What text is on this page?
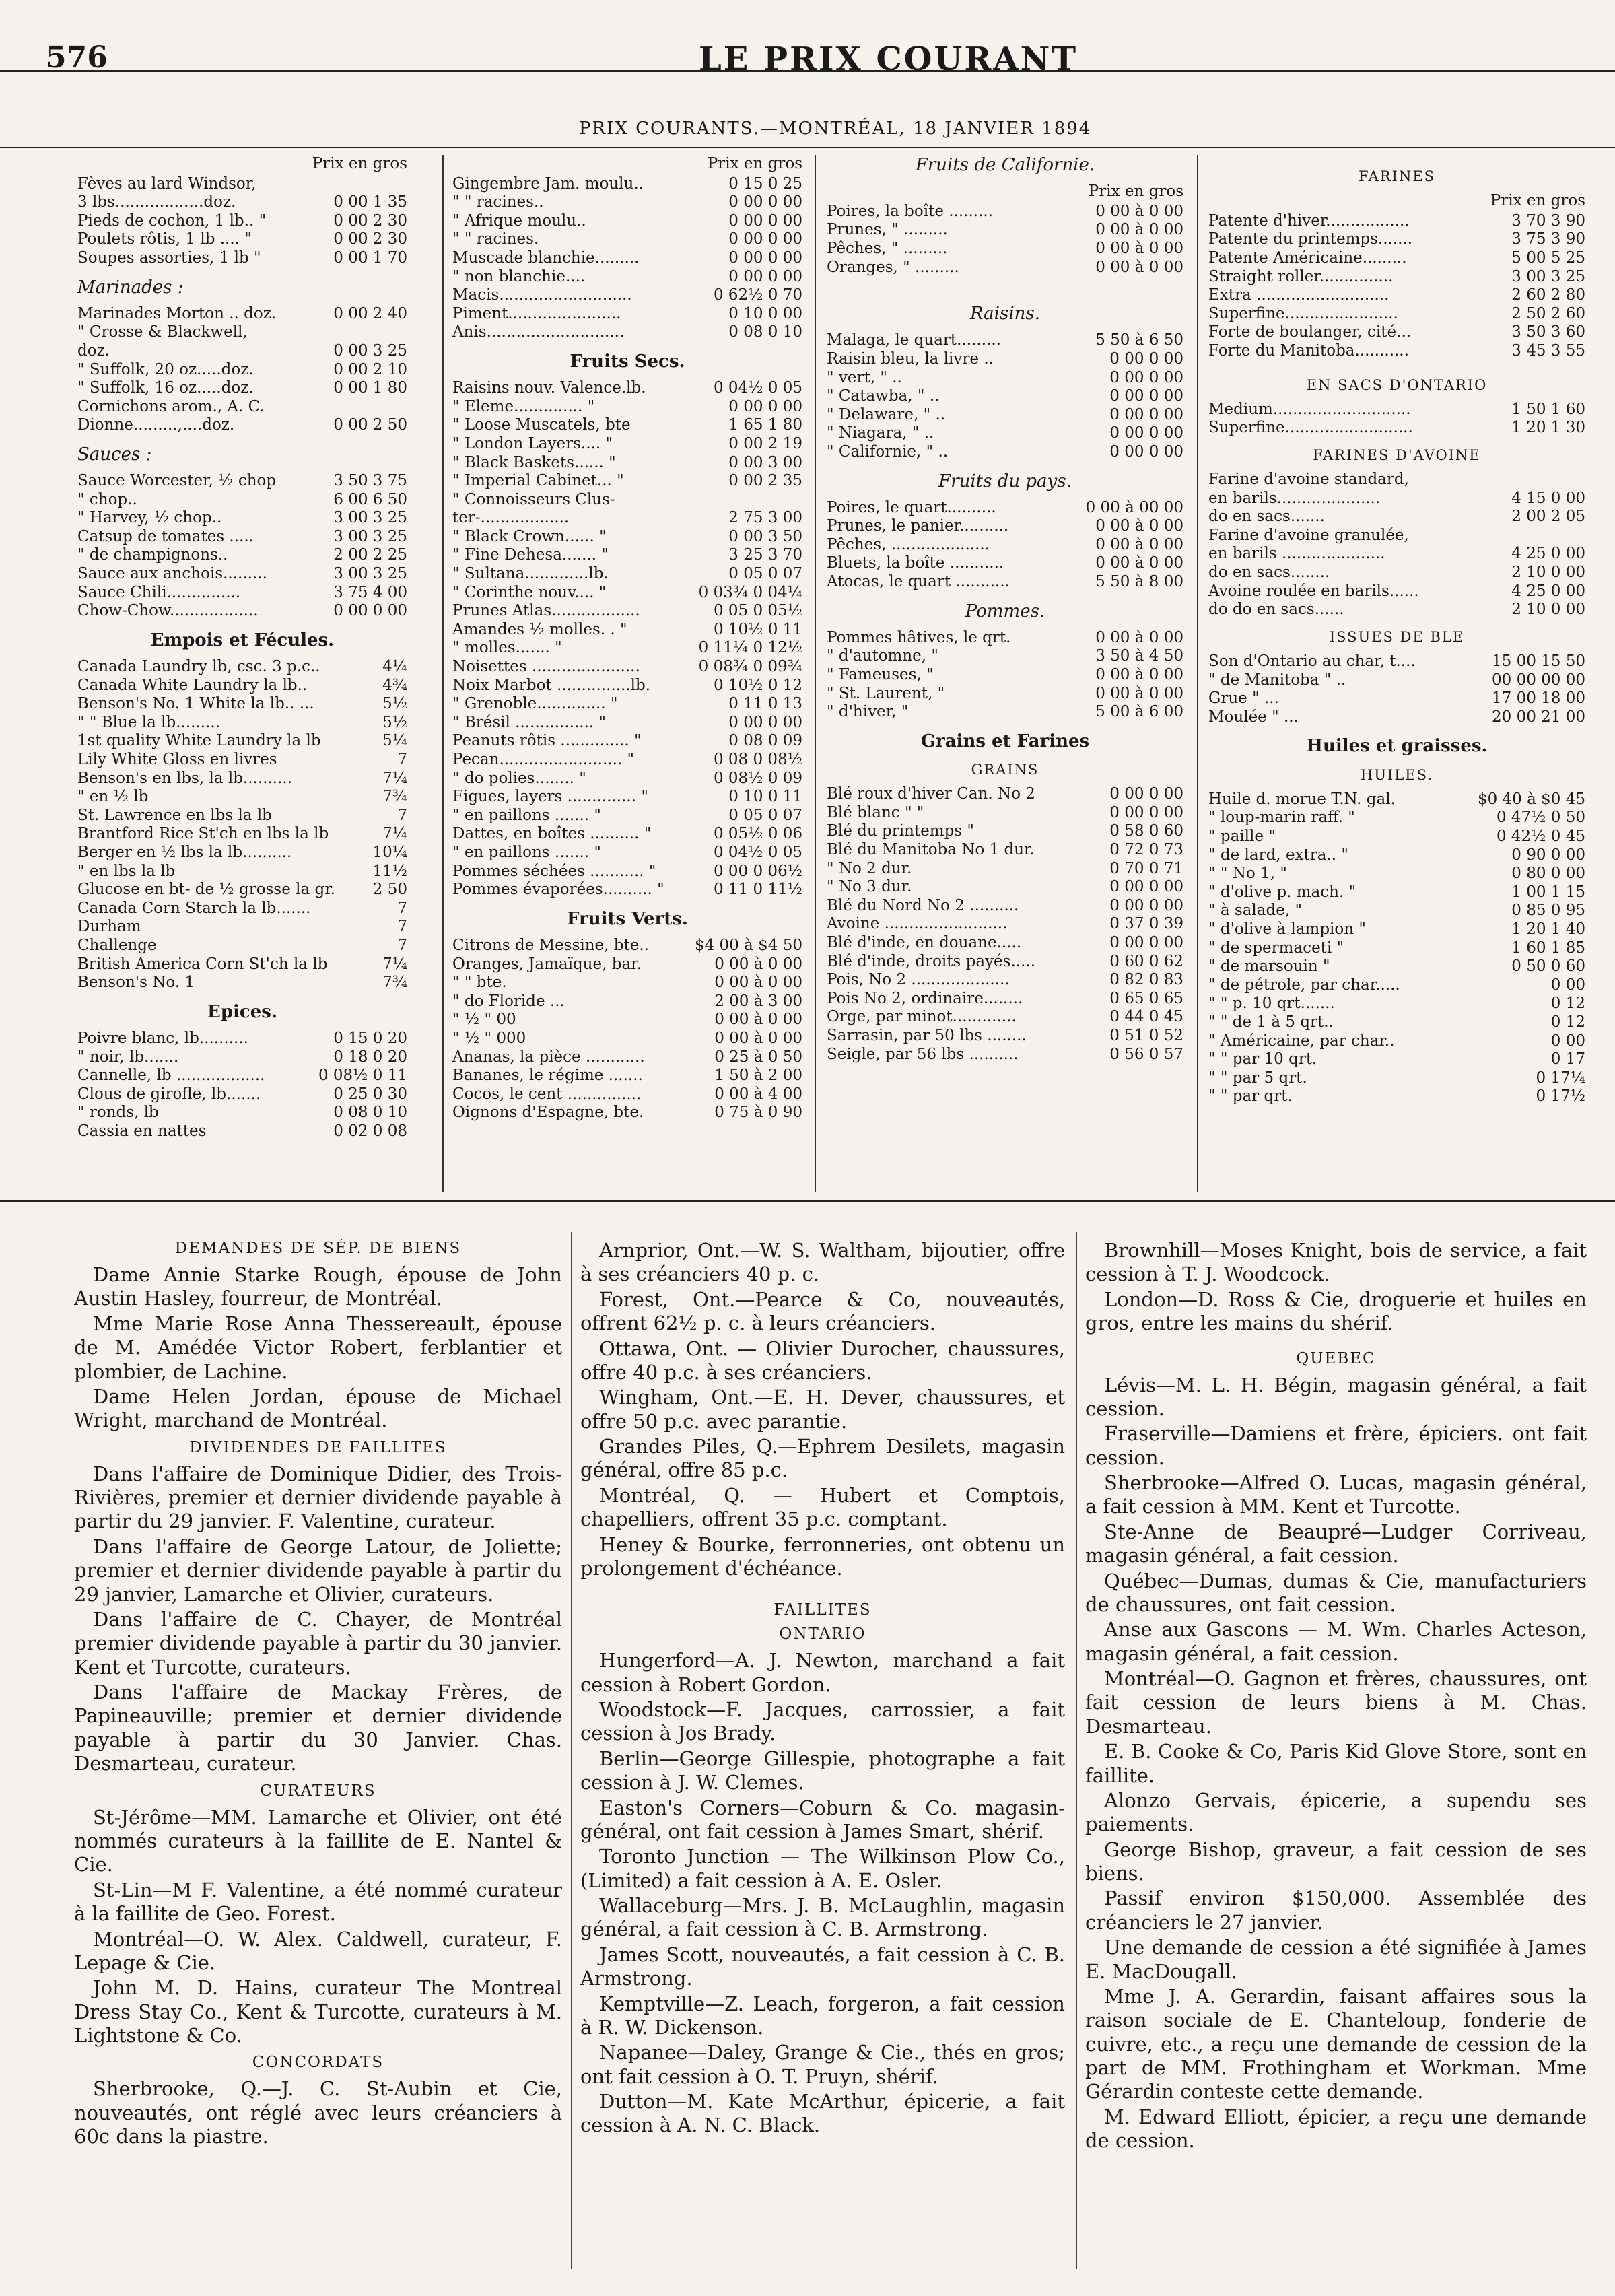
576	LE PRIX COURANT
PRIX COURANTS.—MONTRÉAL, 18 JANVIER 1894
Prix en gros
Fèves au lard Windsor,
3 lbs..................doz.	0 00 1 35
Pieds de cochon, 1 lb.. "	0 00 2 30
Poulets rôtis, 1 lb .... "	0 00 2 30
Soupes assorties, 1 lb "	0 00 1 70
Marinades :
Marinades Morton .. doz.	0 00 2 40
" Crosse & Blackwell,
doz.	0 00 3 25
" Suffolk, 20 oz.....doz.	0 00 2 10
" Suffolk, 16 oz.....doz.	0 00 1 80
Cornichons arom., A. C.
Dionne.........,....doz.	0 00 2 50
Sauces :
Sauce Worcester, ½ chop	3 50 3 75
" chop..	6 00 6 50
" Harvey, ½ chop..	3 00 3 25
Catsup de tomates .....	3 00 3 25
" de champignons..	2 00 2 25
Sauce aux anchois.........	3 00 3 25
Sauce Chili...............	3 75 4 00
Chow-Chow..................	0 00 0 00
Empois et Fécules.
Canada Laundry lb, csc. 3 p.c..	4¼
Canada White Laundry la lb..	4¾
Benson's No. 1 White la lb.. ...	5½
" " Blue la lb.........	5½
1st quality White Laundry la lb	5¼
Lily White Gloss en livres	7
Benson's en lbs, la lb..........	7¼
" en ½ lb	7¾
St. Lawrence en lbs la lb	7
Brantford Rice St'ch en lbs la lb	7¼
Berger en ½ lbs la lb..........	10¼
" en lbs la lb	11½
Glucose en bt- de ½ grosse la gr.	2 50
Canada Corn Starch la lb.......	7
Durham	7
Challenge	7
British America Corn St'ch la lb	7¼
Benson's No. 1	7¾
Epices.
Poivre blanc, lb..........	0 15 0 20
" noir, lb.......	0 18 0 20
Cannelle, lb ..................	0 08½ 0 11
Clous de girofle, lb.......	0 25 0 30
" ronds, lb	0 08 0 10
Cassia en nattes	0 02 0 08
Prix en gros
Gingembre Jam. moulu..	0 15 0 25
" " racines..	0 00 0 00
" Afrique moulu..	0 00 0 00
" " racines.	0 00 0 00
Muscade blanchie.........	0 00 0 00
" non blanchie....	0 00 0 00
Macis...........................	0 62½ 0 70
Piment.......................	0 10 0 00
Anis............................	0 08 0 10
Fruits Secs.
Raisins nouv. Valence.lb.	0 04½ 0 05
" Eleme.............. "	0 00 0 00
" Loose Muscatels, bte	1 65 1 80
" London Layers.... "	0 00 2 19
" Black Baskets...... "	0 00 3 00
" Imperial Cabinet... "	0 00 2 35
" Connoisseurs Clus-
ter-..................	2 75 3 00
" Black Crown...... "	0 00 3 50
" Fine Dehesa....... "	3 25 3 70
" Sultana.............lb.	0 05 0 07
" Corinthe nouv.... "	0 03¾ 0 04¼
Prunes Atlas..................	0 05 0 05½
Amandes ½ molles. . "	0 10½ 0 11
" molles....... "	0 11¼ 0 12½
Noisettes ......................	0 08¾ 0 09¾
Noix Marbot ...............lb.	0 10½ 0 12
" Grenoble.............. "	0 11 0 13
" Brésil ................ "	0 00 0 00
Peanuts rôtis .............. "	0 08 0 09
Pecan......................... "	0 08 0 08½
" do polies........ "	0 08½ 0 09
Figues, layers .............. "	0 10 0 11
" en paillons ....... "	0 05 0 07
Dattes, en boîtes .......... "	0 05½ 0 06
" en paillons ....... "	0 04½ 0 05
Pommes séchées ........... "	0 00 0 06½
Pommes évaporées.......... "	0 11 0 11½
Fruits Verts.
Citrons de Messine, bte..	$4 00 à $4 50
Oranges, Jamaïque, bar.	0 00 à 0 00
" " bte.	0 00 à 0 00
" do Floride ...	2 00 à 3 00
" ½ " 00	0 00 à 0 00
" ½ " 000	0 00 à 0 00
Ananas, la pièce ............	0 25 à 0 50
Bananes, le régime .......	1 50 à 2 00
Cocos, le cent ...............	0 00 à 4 00
Oignons d'Espagne, bte.	0 75 à 0 90
Fruits de Californie.
Prix en gros
Poires, la boîte .........	0 00 à 0 00
Prunes, " .........	0 00 à 0 00
Pêches, " .........	0 00 à 0 00
Oranges, " .........	0 00 à 0 00
Raisins.
Malaga, le quart.........	5 50 à 6 50
Raisin bleu, la livre ..	0 00 0 00
" vert, " ..	0 00 0 00
" Catawba, " ..	0 00 0 00
" Delaware, " ..	0 00 0 00
" Niagara, " ..	0 00 0 00
" Californie, " ..	0 00 0 00
Fruits du pays.
Poires, le quart..........	0 00 à 00 00
Prunes, le panier..........	0 00 à 0 00
Pêches, ....................	0 00 à 0 00
Bluets, la boîte ...........	0 00 à 0 00
Atocas, le quart ...........	5 50 à 8 00
Pommes.
Pommes hâtives, le qrt.	0 00 à 0 00
" d'automne, "	3 50 à 4 50
" Fameuses, "	0 00 à 0 00
" St. Laurent, "	0 00 à 0 00
" d'hiver, "	5 00 à 6 00
Grains et Farines
GRAINS
Blé roux d'hiver Can. No 2	0 00 0 00
Blé blanc " "	0 00 0 00
Blé du printemps "	0 58 0 60
Blé du Manitoba No 1 dur.	0 72 0 73
" No 2 dur.	0 70 0 71
" No 3 dur.	0 00 0 00
Blé du Nord No 2 ..........	0 00 0 00
Avoine .........................	0 37 0 39
Blé d'inde, en douane.....	0 00 0 00
Blé d'inde, droits payés.....	0 60 0 62
Pois, No 2 ....................	0 82 0 83
Pois No 2, ordinaire........	0 65 0 65
Orge, par minot.............	0 44 0 45
Sarrasin, par 50 lbs ........	0 51 0 52
Seigle, par 56 lbs ..........	0 56 0 57
FARINES
Prix en gros
Patente d'hiver.................	3 70 3 90
Patente du printemps.......	3 75 3 90
Patente Américaine.........	5 00 5 25
Straight roller...............	3 00 3 25
Extra ...........................	2 60 2 80
Superfine.......................	2 50 2 60
Forte de boulanger, cité...	3 50 3 60
Forte du Manitoba...........	3 45 3 55
EN SACS D'ONTARIO
Medium............................	1 50 1 60
Superfine..........................	1 20 1 30
FARINES D'AVOINE
Farine d'avoine standard,
en barils.....................	4 15 0 00
do en sacs.......	2 00 2 05
Farine d'avoine granulée,
en barils .....................	4 25 0 00
do en sacs........	2 10 0 00
Avoine roulée en barils......	4 25 0 00
do do en sacs......	2 10 0 00
ISSUES DE BLE
Son d'Ontario au char, t....	15 00 15 50
" de Manitoba " ..	00 00 00 00
Grue " ...	17 00 18 00
Moulée " ...	20 00 21 00
Huiles et graisses.
HUILES.
Huile d. morue T.N. gal.	$0 40 à $0 45
" loup-marin raff. "	0 47½ 0 50
" paille "	0 42½ 0 45
" de lard, extra.. "	0 90 0 00
" " No 1, "	0 80 0 00
" d'olive p. mach. "	1 00 1 15
" à salade, "	0 85 0 95
" d'olive à lampion "	1 20 1 40
" de spermaceti "	1 60 1 85
" de marsouin "	0 50 0 60
" de pétrole, par char.....	0 00
" " p. 10 qrt.......	0 12
" " de 1 à 5 qrt..	0 12
" Américaine, par char..	0 00
" " par 10 qrt.	0 17
" " par 5 qrt.	0 17¼
" " par qrt.	0 17½
DEMANDES DE SÉP. DE BIENS

Dame Annie Starke Rough, épouse de John Austin Hasley, fourreur, de Montréal.

Mme Marie Rose Anna Thessereault, épouse de M. Amédée Victor Robert, ferblantier et plombier, de Lachine.

Dame Helen Jordan, épouse de Michael Wright, marchand de Montréal.

DIVIDENDES DE FAILLITES

Dans l'affaire de Dominique Didier, des Trois-Rivières, premier et dernier dividende payable à partir du 29 janvier. F. Valentine, curateur.

Dans l'affaire de George Latour, de Joliette; premier et dernier dividende payable à partir du 29 janvier, Lamarche et Olivier, curateurs.

Dans l'affaire de C. Chayer, de Montréal premier dividende payable à partir du 30 janvier. Kent et Turcotte, curateurs.

Dans l'affaire de Mackay Frères, de Papineauville; premier et dernier dividende payable à partir du 30 Janvier. Chas. Desmarteau, curateur.

CURATEURS

St-Jérôme—MM. Lamarche et Olivier, ont été nommés curateurs à la faillite de E. Nantel & Cie.

St-Lin—M F. Valentine, a été nommé curateur à la faillite de Geo. Forest.

Montréal—O. W. Alex. Caldwell, curateur, F. Lepage & Cie.

John M. D. Hains, curateur The Montreal Dress Stay Co., Kent & Turcotte, curateurs à M. Lightstone & Co.

CONCORDATS

Sherbrooke, Q.—J. C. St-Aubin et Cie, nouveautés, ont réglé avec leurs créanciers à 60c dans la piastre.

Arnprior, Ont.—W. S. Waltham, bijoutier, offre à ses créanciers 40 p. c.

Forest, Ont.—Pearce & Co, nouveautés, offrent 62½ p. c. à leurs créanciers.

Ottawa, Ont. — Olivier Durocher, chaussures, offre 40 p.c. à ses créanciers.

Wingham, Ont.—E. H. Dever, chaussures, et offre 50 p.c. avec parantie.

Grandes Piles, Q.—Ephrem Desilets, magasin général, offre 85 p.c.

Montréal, Q. — Hubert et Comptois, chapelliers, offrent 35 p.c. comptant.

Heney & Bourke, ferronneries, ont obtenu un prolongement d'échéance.

FAILLITES
ONTARIO

Hungerford—A. J. Newton, marchand a fait cession à Robert Gordon.

Woodstock—F. Jacques, carrossier, a fait cession à Jos Brady.

Berlin—George Gillespie, photographe a fait cession à J. W. Clemes.

Easton's Corners—Coburn & Co. magasin-général, ont fait cession à James Smart, shérif.

Toronto Junction — The Wilkinson Plow Co., (Limited) a fait cession à A. E. Osler.

Wallaceburg—Mrs. J. B. McLaughlin, magasin général, a fait cession à C. B. Armstrong.

James Scott, nouveautés, a fait cession à C. B. Armstrong.

Kemptville—Z. Leach, forgeron, a fait cession à R. W. Dickenson.

Napanee—Daley, Grange & Cie., thés en gros; ont fait cession à O. T. Pruyn, shérif.

Dutton—M. Kate McArthur, épicerie, a fait cession à A. N. C. Black.

Brownhill—Moses Knight, bois de service, a fait cession à T. J. Woodcock.

London—D. Ross & Cie, droguerie et huiles en gros, entre les mains du shérif.

QUEBEC

Lévis—M. L. H. Bégin, magasin général, a fait cession.

Fraserville—Damiens et frère, épiciers. ont fait cession.

Sherbrooke—Alfred O. Lucas, magasin général, a fait cession à MM. Kent et Turcotte.

Ste-Anne de Beaupré—Ludger Corriveau, magasin général, a fait cession.

Québec—Dumas, dumas & Cie, manufacturiers de chaussures, ont fait cession.

Anse aux Gascons — M. Wm. Charles Acteson, magasin général, a fait cession.

Montréal—O. Gagnon et frères, chaussures, ont fait cession de leurs biens à M. Chas. Desmarteau.

E. B. Cooke & Co, Paris Kid Glove Store, sont en faillite.

Alonzo Gervais, épicerie, a supendu ses paiements.

George Bishop, graveur, a fait cession de ses biens.

Passif environ $150,000. Assemblée des créanciers le 27 janvier.

Une demande de cession a été signifiée à James E. MacDougall.

Mme J. A. Gerardin, faisant affaires sous la raison sociale de E. Chanteloup, fonderie de cuivre, etc., a reçu une demande de cession de la part de MM. Frothingham et Workman. Mme Gérardin conteste cette demande.

M. Edward Elliott, épicier, a reçu une demande de cession.
